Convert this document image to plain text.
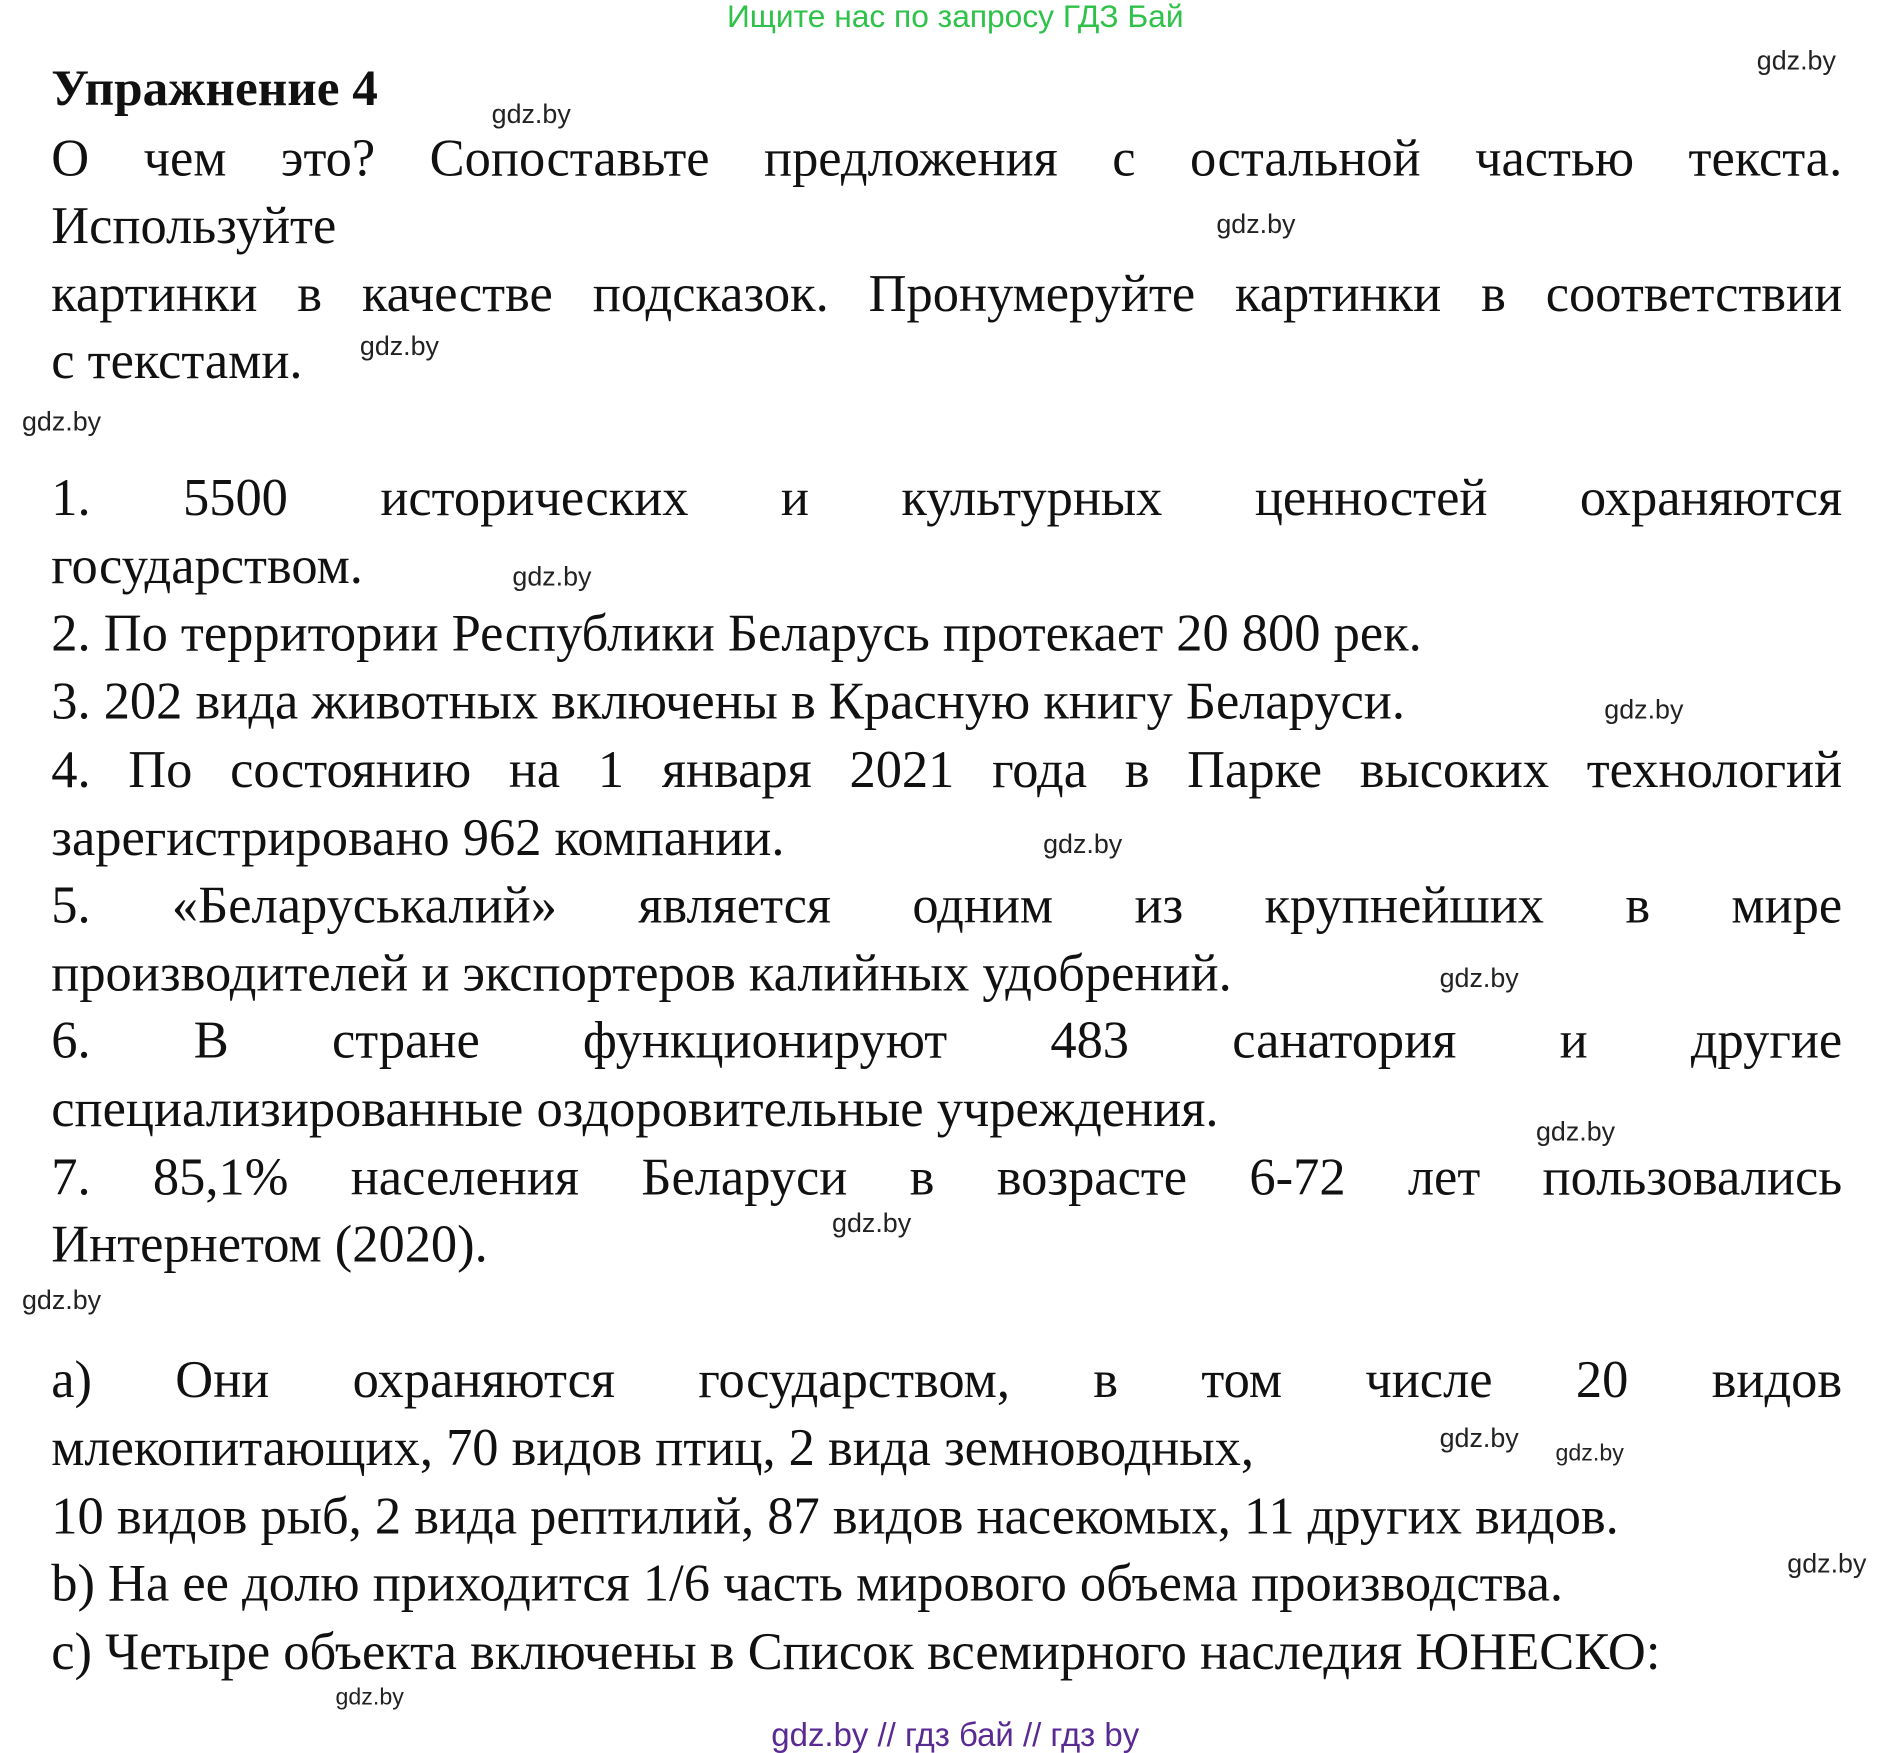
Ищите нас по запросу ГДЗ Бай
Упражнение 4
О чем это? Сопоставьте предложения с остальной частью текста.
Используйте
картинки в качестве подсказок. Пронумеруйте картинки в соответствии
с текстами.
1. 5500 исторических и культурных ценностей охраняются
государством.
2. По территории Республики Беларусь протекает 20 800 рек.
3. 202 вида животных включены в Красную книгу Беларуси.
4. По состоянию на 1 января 2021 года в Парке высоких технологий
зарегистрировано 962 компании.
5. «Беларуськалий» является одним из крупнейших в мире
производителей и экспортеров калийных удобрений.
6. В стране функционируют 483 санатория и другие
специализированные оздоровительные учреждения.
7. 85,1% населения Беларуси в возрасте 6-72 лет пользовались
Интернетом (2020).
а) Они охраняются государством, в том числе 20 видов
млекопитающих, 70 видов птиц, 2 вида земноводных,
10 видов рыб, 2 вида рептилий, 87 видов насекомых, 11 других видов.
b) На ее долю приходится 1/6 часть мирового объема производства.
c) Четыре объекта включены в Список всемирного наследия ЮНЕСКО:
gdz.by
gdz.by
gdz.by
gdz.by
gdz.by
gdz.by
gdz.by
gdz.by
gdz.by
gdz.by
gdz.by
gdz.by
gdz.by
gdz.by
gdz.by
gdz.by
gdz.by // гдз бай // гдз by
